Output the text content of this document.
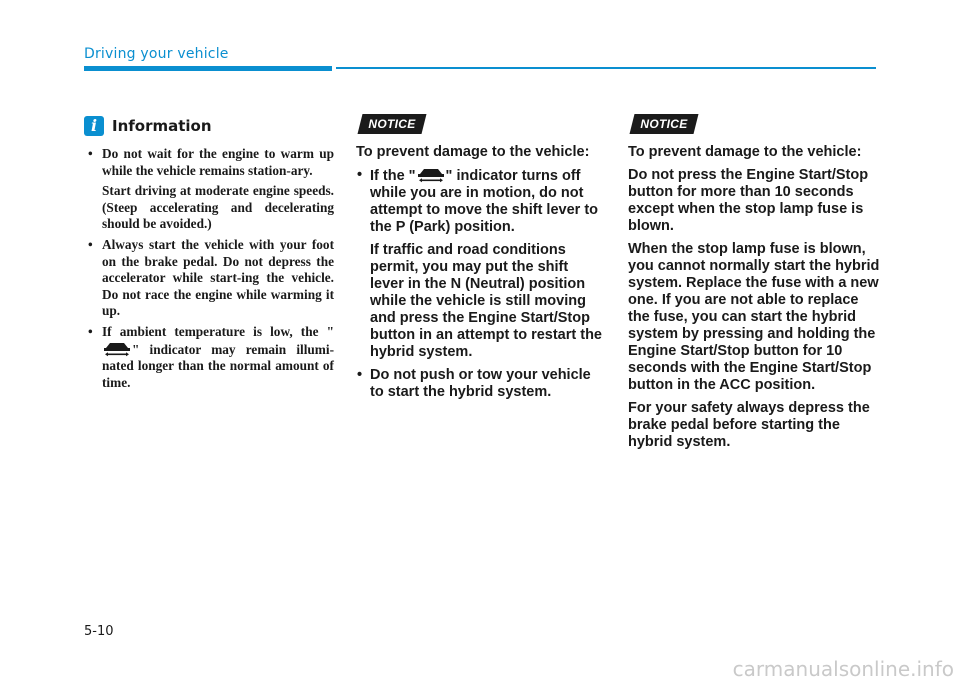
Driving your vehicle
i Information

• Do not wait for the engine to warm up while the vehicle remains station-ary.

Start driving at moderate engine speeds. (Steep accelerating and decelerating should be avoided.)

• Always start the vehicle with your foot on the brake pedal. Do not depress the accelerator while start-ing the vehicle. Do not race the engine while warming it up.

• If ambient temperature is low, the "" indicator may remain illumi-nated longer than the normal amount of time.

NOTICE
To prevent damage to the vehicle:

• If the " " indicator turns off while you are in motion, do not attempt to move the shift lever to the P (Park) position.

If traffic and road conditions permit, you may put the shift lever in the N (Neutral) position while the vehicle is still moving and press the Engine Start/Stop button in an attempt to restart the hybrid system.

• Do not push or tow your vehicle to start the hybrid system.

NOTICE
To prevent damage to the vehicle:

Do not press the Engine Start/Stop button for more than 10 seconds except when the stop lamp fuse is blown.

When the stop lamp fuse is blown, you cannot normally start the hybrid system. Replace the fuse with a new one. If you are not able to replace the fuse, you can start the hybrid system by pressing and holding the Engine Start/Stop button for 10 seconds with the Engine Start/Stop button in the ACC position.

For your safety always depress the brake pedal before starting the hybrid system.

5-10
carmanualsonline.info
